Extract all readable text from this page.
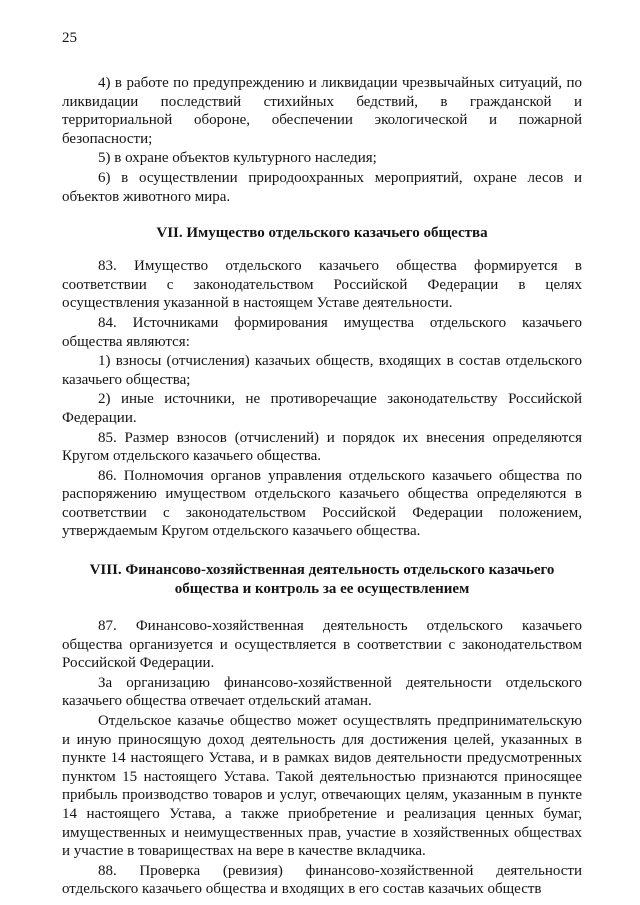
25

4) в работе по предупреждению и ликвидации чрезвычайных ситуаций, по ликвидации последствий стихийных бедствий, в гражданской и территориальной обороне, обеспечении экологической и пожарной безопасности;

5) в охране объектов культурного наследия;

6) в осуществлении природоохранных мероприятий, охране лесов и объектов животного мира.

VII. Имущество отдельского казачьего общества

83. Имущество отдельского казачьего общества формируется в соответствии с законодательством Российской Федерации в целях осуществления указанной в настоящем Уставе деятельности.

84. Источниками формирования имущества отдельского казачьего общества являются:

1) взносы (отчисления) казачьих обществ, входящих в состав отдельского казачьего общества;

2) иные источники, не противоречащие законодательству Российской Федерации.

85. Размер взносов (отчислений) и порядок их внесения определяются Кругом отдельского казачьего общества.

86. Полномочия органов управления отдельского казачьего общества по распоряжению имуществом отдельского казачьего общества определяются в соответствии с законодательством Российской Федерации положением, утверждаемым Кругом отдельского казачьего общества.

VIII. Финансово-хозяйственная деятельность отдельского казачьего
общества и контроль за ее осуществлением

87. Финансово-хозяйственная деятельность отдельского казачьего общества организуется и осуществляется в соответствии с законодательством Российской Федерации.

За организацию финансово-хозяйственной деятельности отдельского казачьего общества отвечает отдельский атаман.

Отдельское казачье общество может осуществлять предпринимательскую и иную приносящую доход деятельность для достижения целей, указанных в пункте 14 настоящего Устава, и в рамках видов деятельности предусмотренных пунктом 15 настоящего Устава. Такой деятельностью признаются приносящее прибыль производство товаров и услуг, отвечающих целям, указанным в пункте 14 настоящего Устава, а также приобретение и реализация ценных бумаг, имущественных и неимущественных прав, участие в хозяйственных обществах и участие в товариществах на вере в качестве вкладчика.

88. Проверка (ревизия) финансово-хозяйственной деятельности отдельского казачьего общества и входящих в его состав казачьих обществ
